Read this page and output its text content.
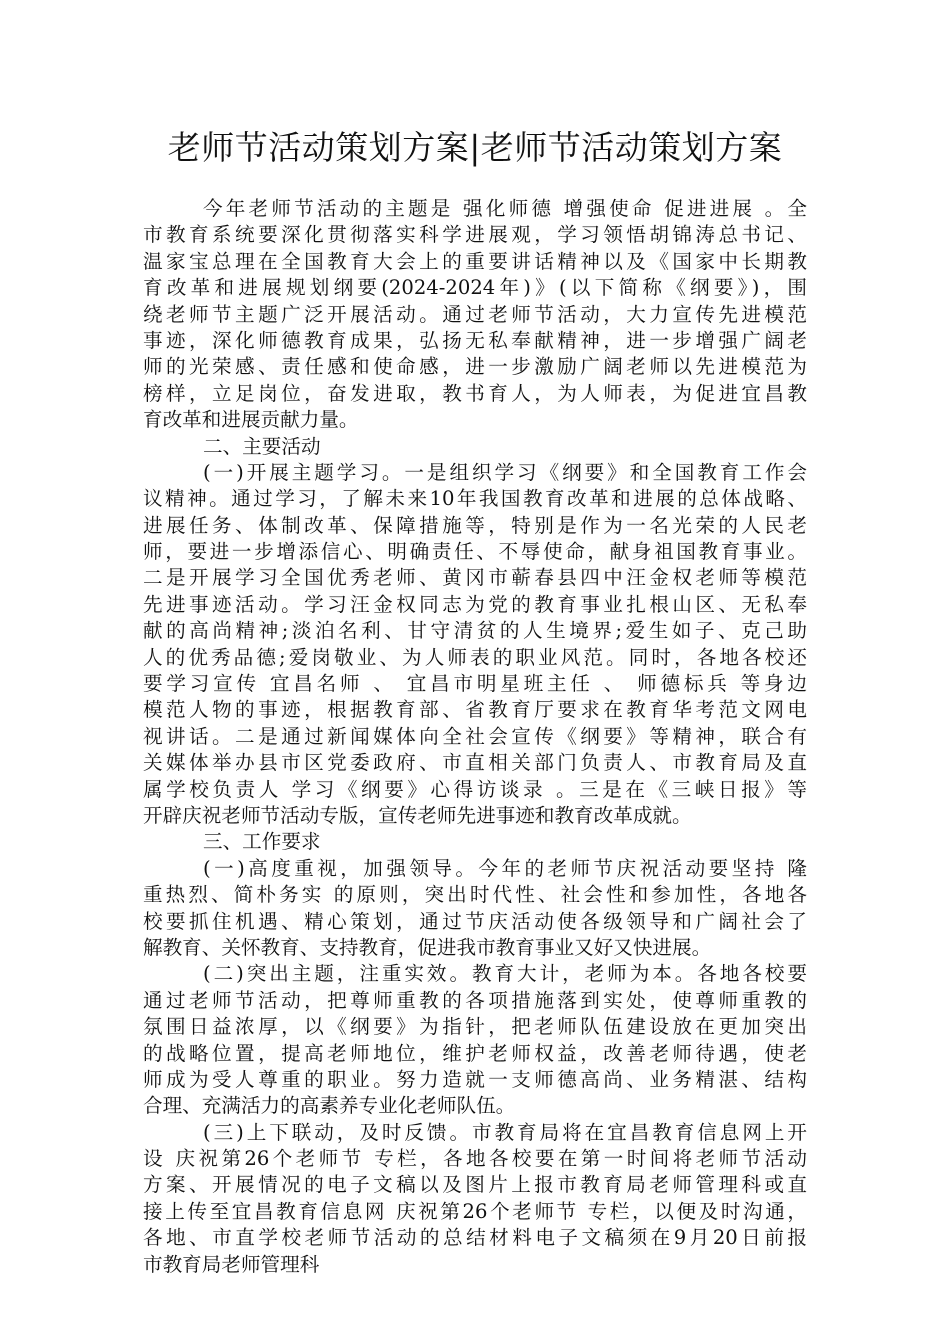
老师节活动策划方案|老师节活动策划方案
今年老师节活动的主题是 强化师德 增强使命 促进进展 。全
市教育系统要深化贯彻落实科学进展观，学习领悟胡锦涛总书记、
温家宝总理在全国教育大会上的重要讲话精神以及《国家中长期教
育改革和进展规划纲要(2024-2024年)》(以下简称《纲要》)，围
绕老师节主题广泛开展活动。通过老师节活动，大力宣传先进模范
事迹，深化师德教育成果，弘扬无私奉献精神，进一步增强广阔老
师的光荣感、责任感和使命感，进一步激励广阔老师以先进模范为
榜样，立足岗位，奋发进取，教书育人，为人师表，为促进宜昌教
育改革和进展贡献力量。
二、主要活动
(一)开展主题学习。一是组织学习《纲要》和全国教育工作会
议精神。通过学习，了解未来10年我国教育改革和进展的总体战略、
进展任务、体制改革、保障措施等，特别是作为一名光荣的人民老
师，要进一步增添信心、明确责任、不辱使命，献身祖国教育事业。
二是开展学习全国优秀老师、黄冈市蕲春县四中汪金权老师等模范
先进事迹活动。学习汪金权同志为党的教育事业扎根山区、无私奉
献的高尚精神;淡泊名利、甘守清贫的人生境界;爱生如子、克己助
人的优秀品德;爱岗敬业、为人师表的职业风范。同时，各地各校还
要学习宣传 宜昌名师 、 宜昌市明星班主任 、 师德标兵 等身边
模范人物的事迹，根据教育部、省教育厅要求在教育华考范文网电
视讲话。二是通过新闻媒体向全社会宣传《纲要》等精神，联合有
关媒体举办县市区党委政府、市直相关部门负责人、市教育局及直
属学校负责人 学习《纲要》心得访谈录 。三是在《三峡日报》等
开辟庆祝老师节活动专版，宣传老师先进事迹和教育改革成就。
三、工作要求
(一)高度重视，加强领导。今年的老师节庆祝活动要坚持 隆
重热烈、简朴务实 的原则，突出时代性、社会性和参加性，各地各
校要抓住机遇、精心策划，通过节庆活动使各级领导和广阔社会了
解教育、关怀教育、支持教育，促进我市教育事业又好又快进展。
(二)突出主题，注重实效。教育大计，老师为本。各地各校要
通过老师节活动，把尊师重教的各项措施落到实处，使尊师重教的
氛围日益浓厚，以《纲要》为指针，把老师队伍建设放在更加突出
的战略位置，提高老师地位，维护老师权益，改善老师待遇，使老
师成为受人尊重的职业。努力造就一支师德高尚、业务精湛、结构
合理、充满活力的高素养专业化老师队伍。
(三)上下联动，及时反馈。市教育局将在宜昌教育信息网上开
设 庆祝第26个老师节 专栏，各地各校要在第一时间将老师节活动
方案、开展情况的电子文稿以及图片上报市教育局老师管理科或直
接上传至宜昌教育信息网 庆祝第26个老师节 专栏，以便及时沟通，
各地、市直学校老师节活动的总结材料电子文稿须在9月20日前报
市教育局老师管理科
